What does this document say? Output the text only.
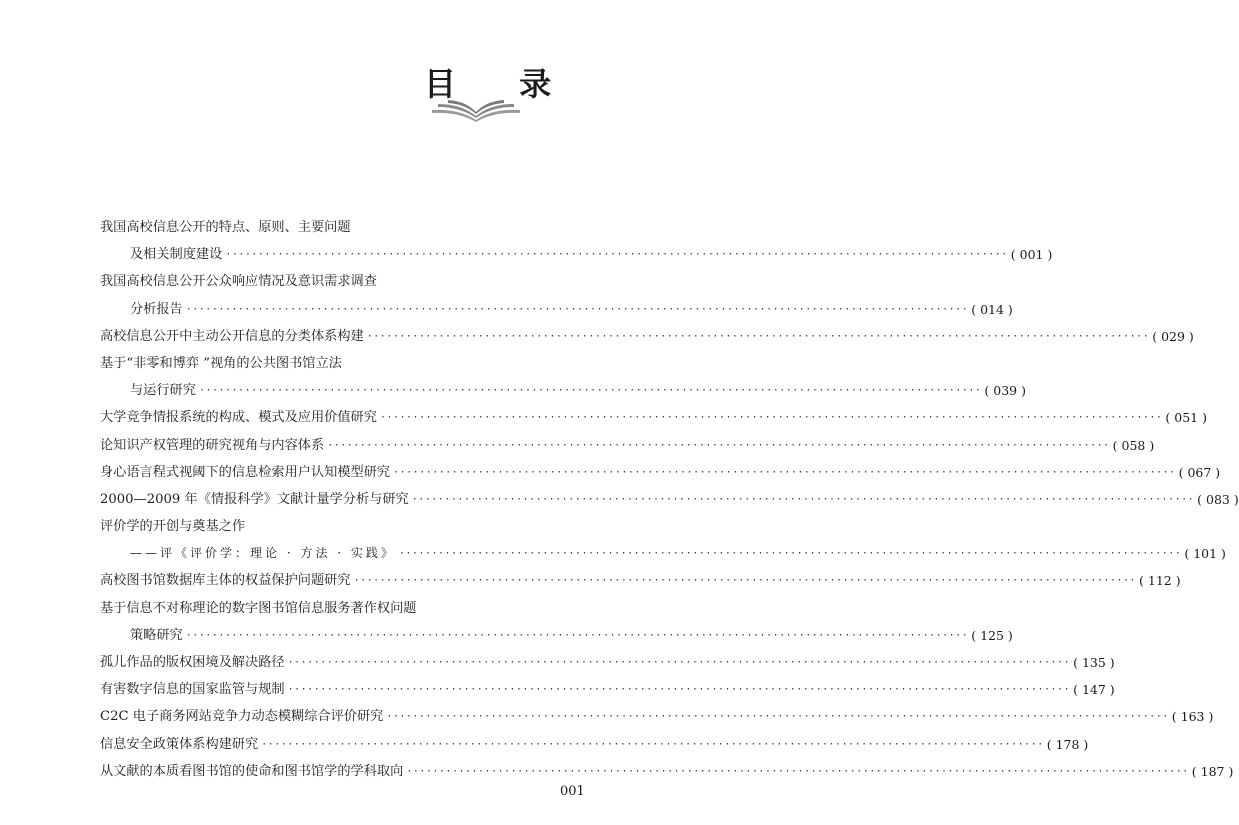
目 录
我国高校信息公开的特点、原则、主要问题
及相关制度建设 ························································································································ ( 001 )
我国高校信息公开公众响应情况及意识需求调查
分析报告 ························································································································ ( 014 )
高校信息公开中主动公开信息的分类体系构建 ························································································································ ( 029 )
基于“非零和博弈 ”视角的公共图书馆立法
与运行研究 ························································································································ ( 039 )
大学竞争情报系统的构成、模式及应用价值研究 ························································································································ ( 051 )
论知识产权管理的研究视角与内容体系 ························································································································ ( 058 )
身心语言程式视阈下的信息检索用户认知模型研究 ························································································································ ( 067 )
2000—2009 年《情报科学》文献计量学分析与研究 ························································································································ ( 083 )
评价学的开创与奠基之作
——评《评价学：理论 · 方法 · 实践》 ························································································································ ( 101 )
高校图书馆数据库主体的权益保护问题研究 ························································································································ ( 112 )
基于信息不对称理论的数字图书馆信息服务著作权问题
策略研究 ························································································································ ( 125 )
孤儿作品的版权困境及解决路径 ························································································································ ( 135 )
有害数字信息的国家监管与规制 ························································································································ ( 147 )
C2C 电子商务网站竞争力动态模糊综合评价研究 ························································································································ ( 163 )
信息安全政策体系构建研究 ························································································································ ( 178 )
从文献的本质看图书馆的使命和图书馆学的学科取向 ························································································································ ( 187 )
001
